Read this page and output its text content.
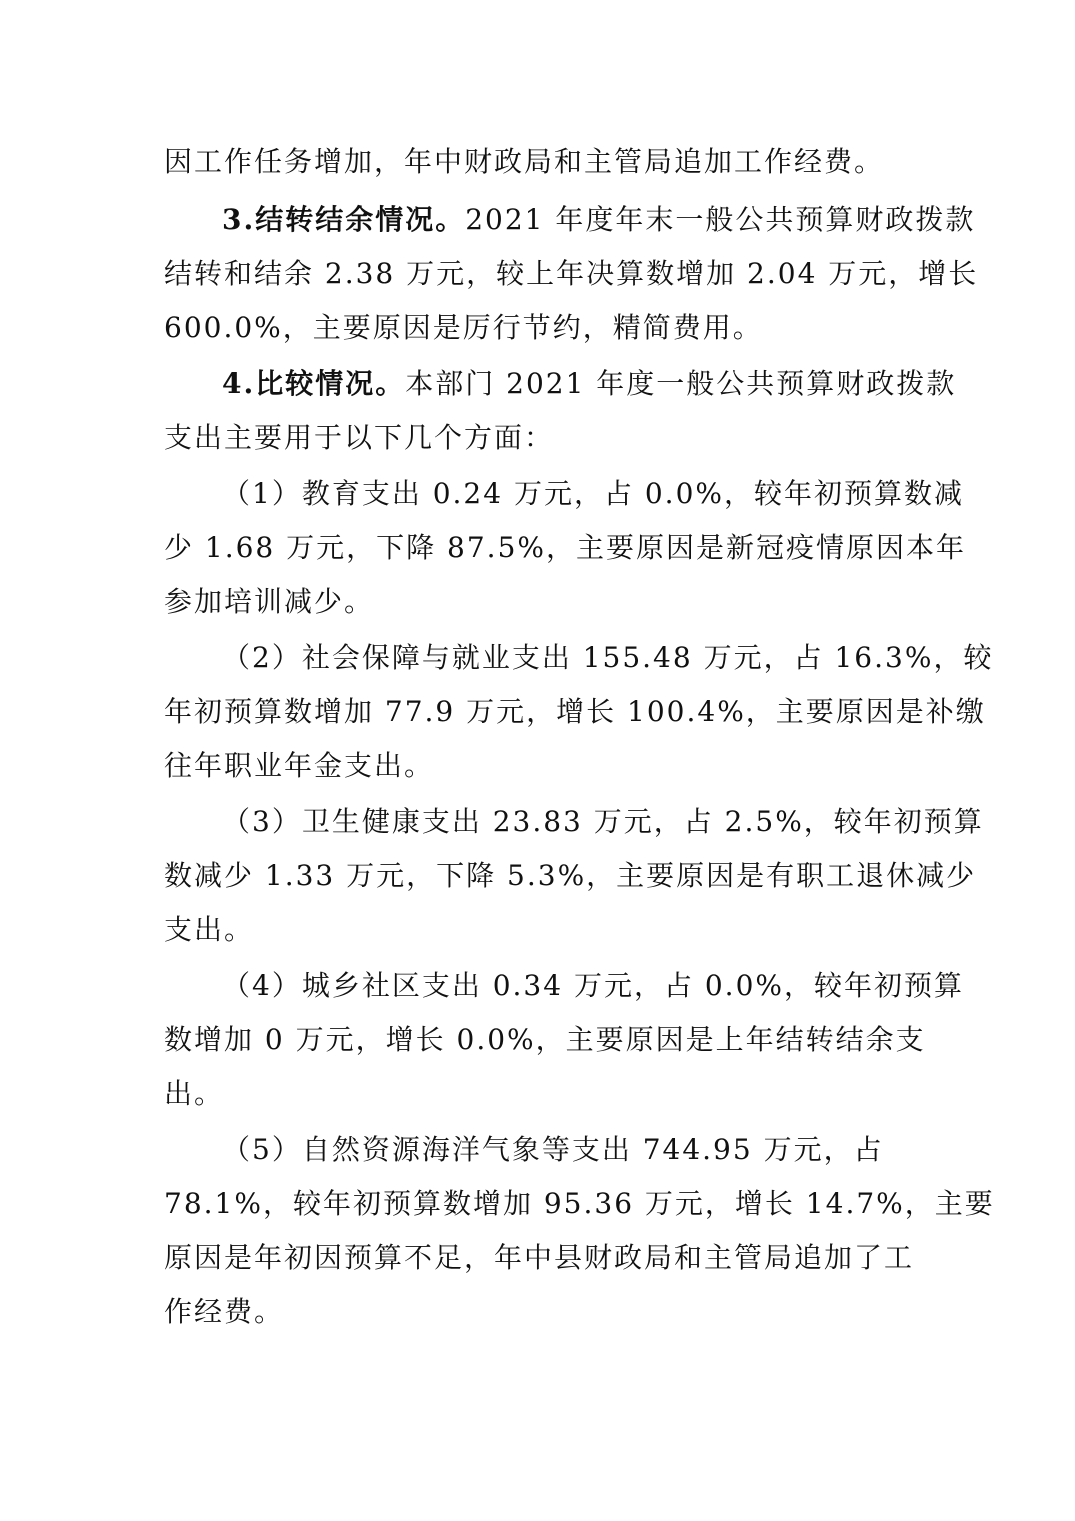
因工作任务增加，年中财政局和主管局追加工作经费。
3.结转结余情况。2021 年度年末一般公共预算财政拨款
结转和结余 2.38 万元，较上年决算数增加 2.04 万元，增长
600.0%，主要原因是厉行节约，精简费用。
4.比较情况。本部门 2021 年度一般公共预算财政拨款
支出主要用于以下几个方面：
（1）教育支出 0.24 万元，占 0.0%，较年初预算数减
少 1.68 万元，下降 87.5%，主要原因是新冠疫情原因本年
参加培训减少。
（2）社会保障与就业支出 155.48 万元，占 16.3%，较
年初预算数增加 77.9 万元，增长 100.4%，主要原因是补缴
往年职业年金支出。
（3）卫生健康支出 23.83 万元，占 2.5%，较年初预算
数减少 1.33 万元，下降 5.3%，主要原因是有职工退休减少
支出。
（4）城乡社区支出 0.34 万元，占 0.0%，较年初预算
数增加 0 万元，增长 0.0%，主要原因是上年结转结余支
出。
（5）自然资源海洋气象等支出 744.95 万元，占
78.1%，较年初预算数增加 95.36 万元，增长 14.7%，主要
原因是年初因预算不足，年中县财政局和主管局追加了工
作经费。
